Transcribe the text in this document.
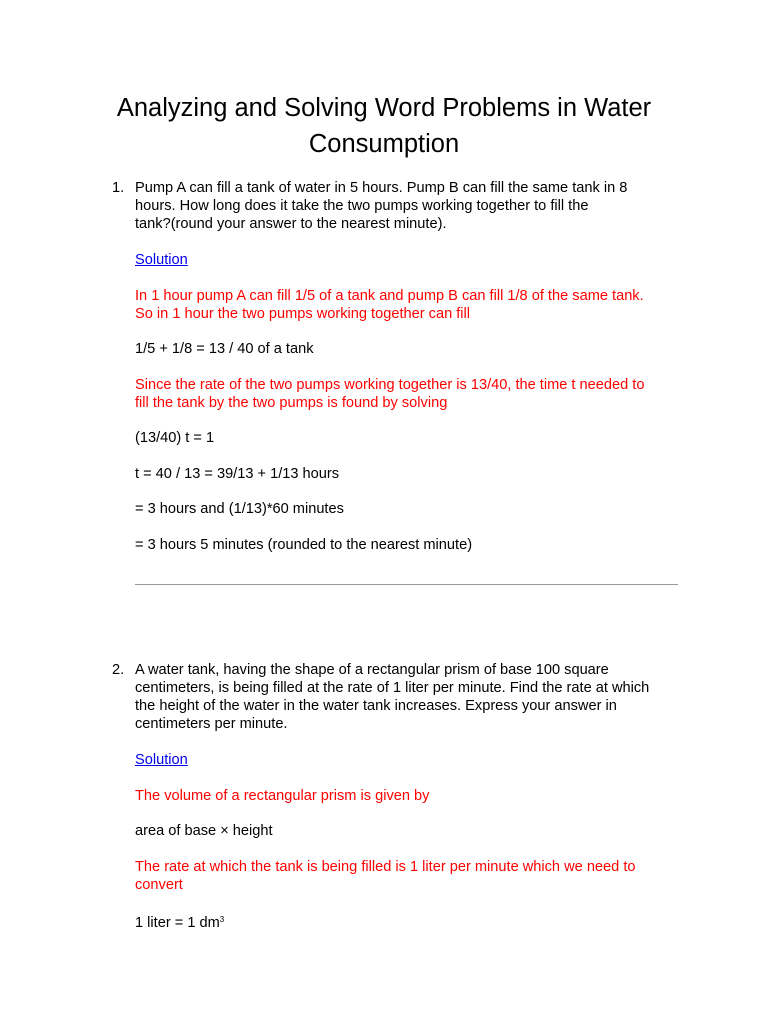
Analyzing and Solving Word Problems in Water
Consumption

1. Pump A can fill a tank of water in 5 hours. Pump B can fill the same tank in 8
hours. How long does it take the two pumps working together to fill the
tank?(round your answer to the nearest minute).

Solution

In 1 hour pump A can fill 1/5 of a tank and pump B can fill 1/8 of the same tank.
So in 1 hour the two pumps working together can fill

1/5 + 1/8 = 13 / 40 of a tank

Since the rate of the two pumps working together is 13/40, the time t needed to
fill the tank by the two pumps is found by solving

(13/40) t = 1

t = 40 / 13 = 39/13 + 1/13 hours

= 3 hours and (1/13)*60 minutes

= 3 hours 5 minutes (rounded to the nearest minute)

2. A water tank, having the shape of a rectangular prism of base 100 square
centimeters, is being filled at the rate of 1 liter per minute. Find the rate at which
the height of the water in the water tank increases. Express your answer in
centimeters per minute.

Solution

The volume of a rectangular prism is given by

area of base × height

The rate at which the tank is being filled is 1 liter per minute which we need to
convert

1 liter = 1 $dm^3$
